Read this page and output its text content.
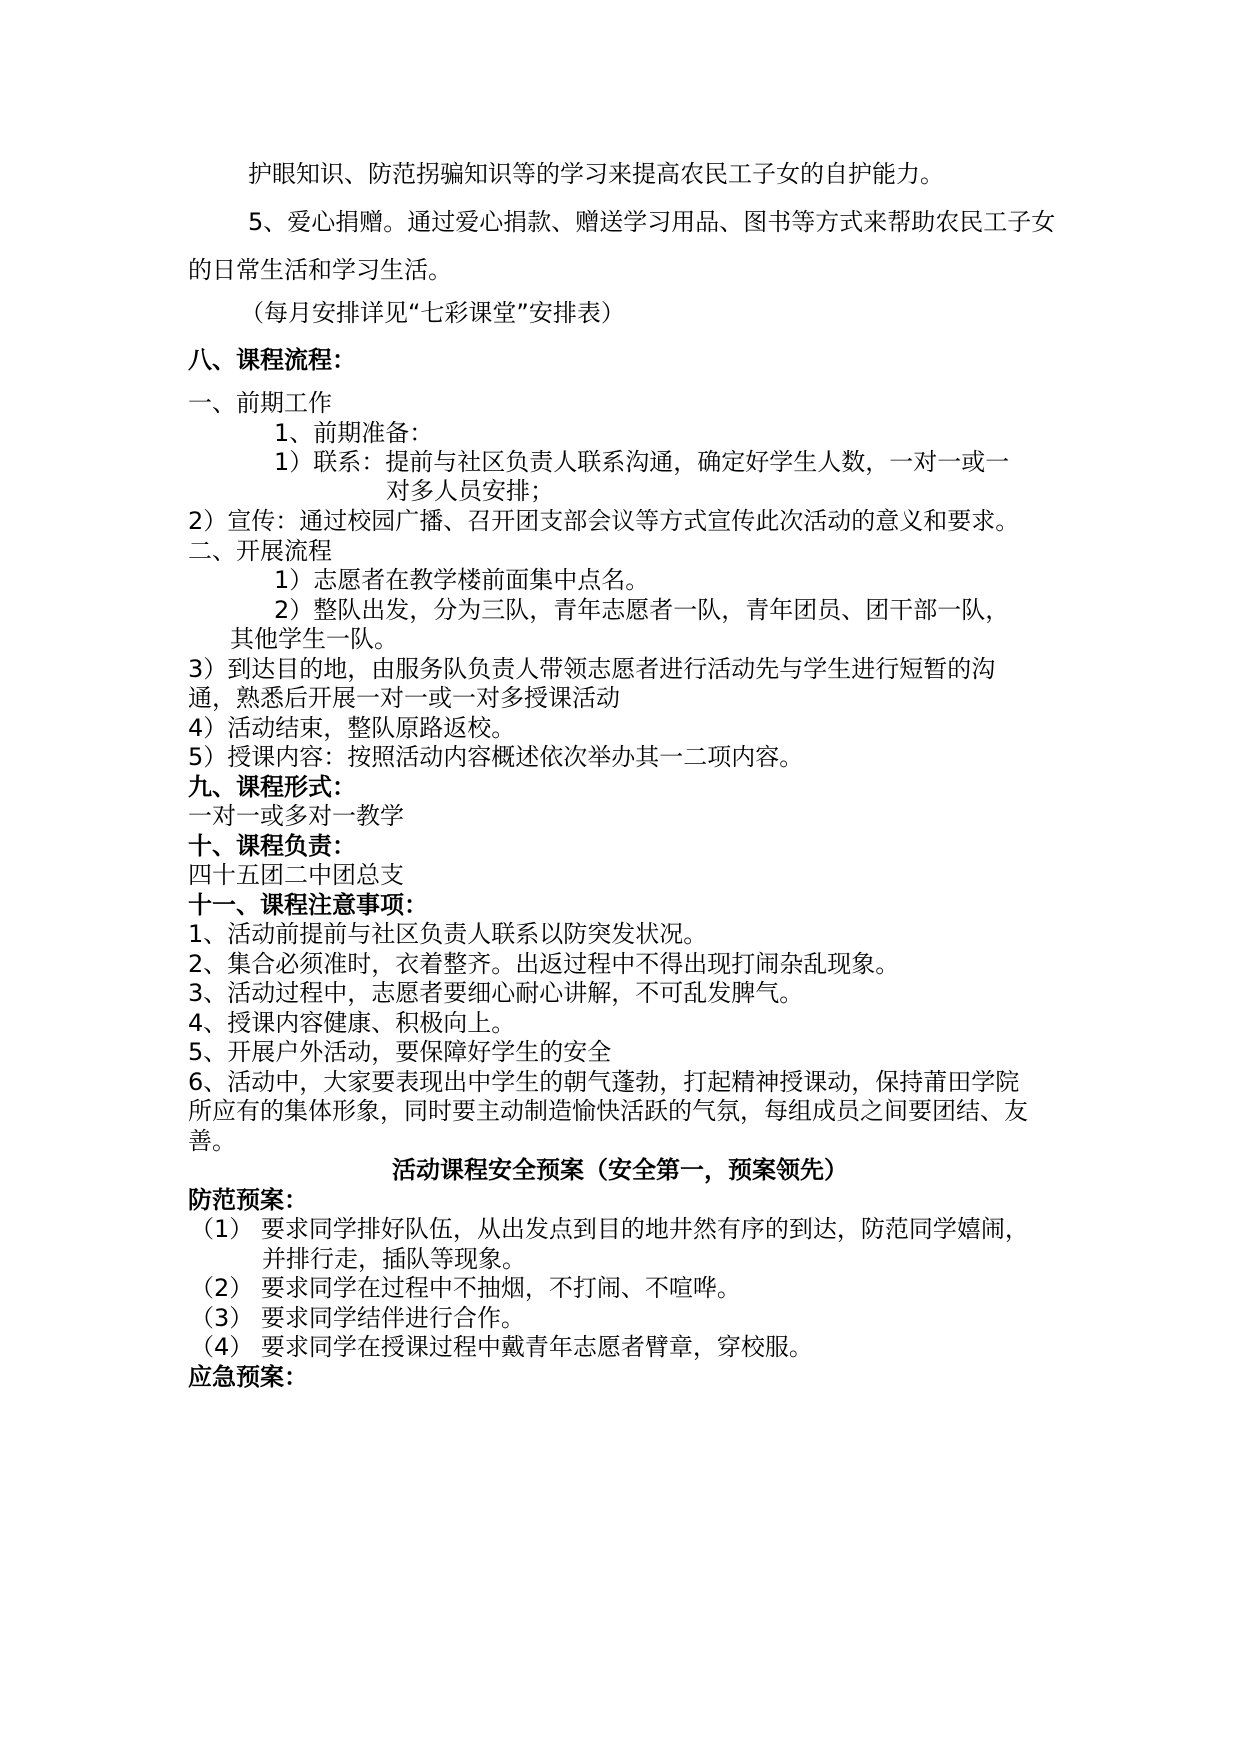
护眼知识、防范拐骗知识等的学习来提高农民工子女的自护能力。
5、爱心捐赠。通过爱心捐款、赠送学习用品、图书等方式来帮助农民工子女
的日常生活和学习生活。
（每月安排详见“七彩课堂”安排表）
八、课程流程：
一、前期工作
1、前期准备：
1）联系：提前与社区负责人联系沟通，确定好学生人数，一对一或一
对多人员安排；
2）宣传：通过校园广播、召开团支部会议等方式宣传此次活动的意义和要求。
二、开展流程
1）志愿者在教学楼前面集中点名。
2）整队出发，分为三队，青年志愿者一队，青年团员、团干部一队，
其他学生一队。
3）到达目的地，由服务队负责人带领志愿者进行活动先与学生进行短暂的沟
通，熟悉后开展一对一或一对多授课活动
4）活动结束，整队原路返校。
5）授课内容：按照活动内容概述依次举办其一二项内容。
九、课程形式：
一对一或多对一教学
十、课程负责：
四十五团二中团总支
十一、课程注意事项：
1、活动前提前与社区负责人联系以防突发状况。
2、集合必须准时，衣着整齐。出返过程中不得出现打闹杂乱现象。
3、活动过程中，志愿者要细心耐心讲解，不可乱发脾气。
4、授课内容健康、积极向上。
5、开展户外活动，要保障好学生的安全
6、活动中，大家要表现出中学生的朝气蓬勃，打起精神授课动，保持莆田学院
所应有的集体形象，同时要主动制造愉快活跃的气氛，每组成员之间要团结、友
善。
活动课程安全预案（安全第一，预案领先）
防范预案：
（1） 要求同学排好队伍，从出发点到目的地井然有序的到达，防范同学嬉闹，
并排行走，插队等现象。
（2） 要求同学在过程中不抽烟，不打闹、不喧哗。
（3） 要求同学结伴进行合作。
（4） 要求同学在授课过程中戴青年志愿者臂章，穿校服。
应急预案：
